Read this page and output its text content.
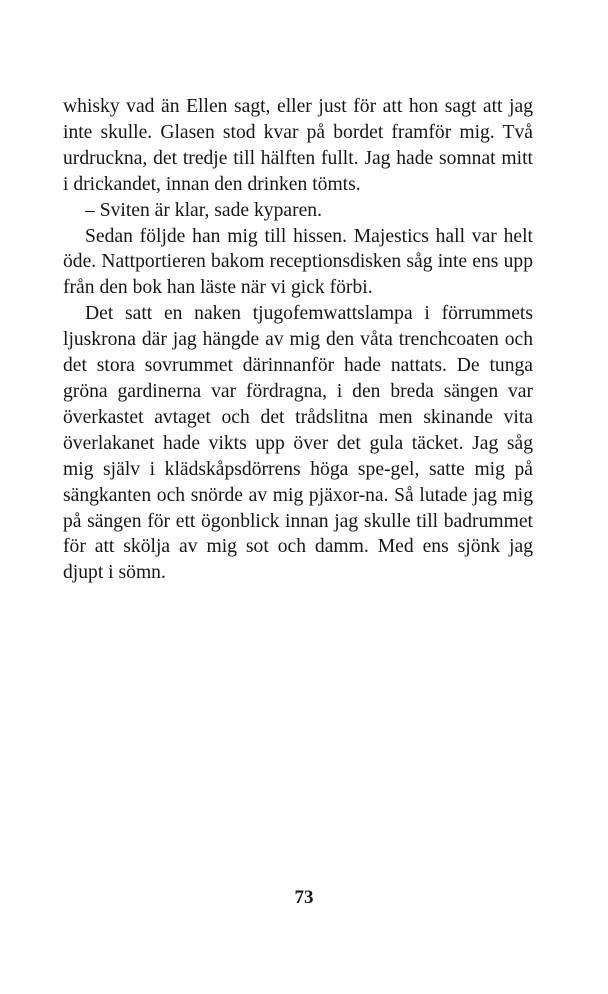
whisky vad än Ellen sagt, eller just för att hon sagt att jag inte skulle. Glasen stod kvar på bordet framför mig. Två urdruckna, det tredje till hälften fullt. Jag hade somnat mitt i drickandet, innan den drinken tömts.

– Sviten är klar, sade kyparen.

Sedan följde han mig till hissen. Majestics hall var helt öde. Nattportieren bakom receptionsdisken såg inte ens upp från den bok han läste när vi gick förbi.

Det satt en naken tjugofemwattslampa i förrummets ljuskrona där jag hängde av mig den våta trenchcoaten och det stora sovrummet därinnanför hade nattats. De tunga gröna gardinerna var fördragna, i den breda sängen var överkastet avtaget och det trådslitna men skinande vita överlakanet hade vikts upp över det gula täcket. Jag såg mig själv i klädskåpsdörrens höga spe-gel, satte mig på sängkanten och snörde av mig pjäxor-na. Så lutade jag mig på sängen för ett ögonblick innan jag skulle till badrummet för att skölja av mig sot och damm. Med ens sjönk jag djupt i sömn.

73
